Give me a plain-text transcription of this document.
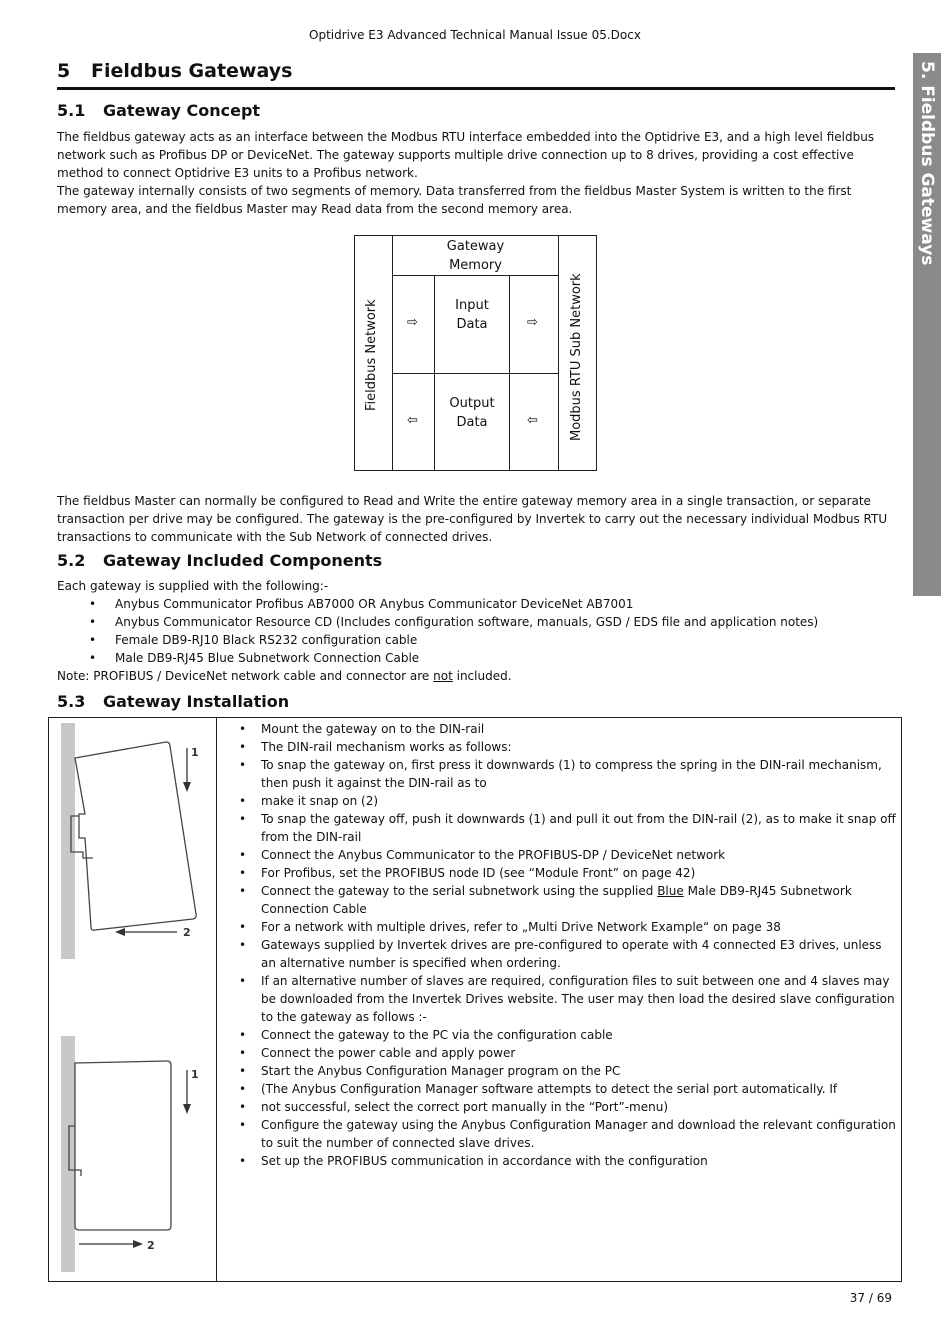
Optidrive E3 Advanced Technical Manual Issue 05.Docx
5. Fieldbus Gateways
5 Fieldbus Gateways
5.1 Gateway Concept

The fieldbus gateway acts as an interface between the Modbus RTU interface embedded into the Optidrive E3, and a high level fieldbus network such as Profibus DP or DeviceNet. The gateway supports multiple drive connection up to 8 drives, providing a cost effective method to connect Optidrive E3 units to a Profibus network.

The gateway internally consists of two segments of memory. Data transferred from the fieldbus Master System is written to the first memory area, and the fieldbus Master may Read data from the second memory area.

Gateway
Memory
Input
Data
Output
Data
⇨	⇨
⇦	⇦
Fieldbus Network	Modbus RTU Sub Network

The fieldbus Master can normally be configured to Read and Write the entire gateway memory area in a single transaction, or separate transaction per drive may be configured. The gateway is the pre-configured by Invertek to carry out the necessary individual Modbus RTU transactions to communicate with the Sub Network of connected drives.

5.2 Gateway Included Components

Each gateway is supplied with the following:-

• Anybus Communicator Profibus AB7000 OR Anybus Communicator DeviceNet AB7001
• Anybus Communicator Resource CD (Includes configuration software, manuals, GSD / EDS file and application notes)
• Female DB9-RJ10 Black RS232 configuration cable
• Male DB9-RJ45 Blue Subnetwork Connection Cable

Note: PROFIBUS / DeviceNet network cable and connector are not included.

5.3 Gateway Installation
1
2
1
2
• Mount the gateway on to the DIN-rail
• The DIN-rail mechanism works as follows:
• To snap the gateway on, first press it downwards (1) to compress the spring in the DIN-rail mechanism, then push it against the DIN-rail as to
• make it snap on (2)
• To snap the gateway off, push it downwards (1) and pull it out from the DIN-rail (2), as to make it snap off from the DIN-rail
• Connect the Anybus Communicator to the PROFIBUS-DP / DeviceNet network
• For Profibus, set the PROFIBUS node ID (see “Module Front” on page 42)
• Connect the gateway to the serial subnetwork using the supplied Blue Male DB9-RJ45 Subnetwork Connection Cable
• For a network with multiple drives, refer to „Multi Drive Network Example“ on page 38
• Gateways supplied by Invertek drives are pre-configured to operate with 4 connected E3 drives, unless an alternative number is specified when ordering.
• If an alternative number of slaves are required, configuration files to suit between one and 4 slaves may be downloaded from the Invertek Drives website. The user may then load the desired slave configuration to the gateway as follows :-
• Connect the gateway to the PC via the configuration cable
• Connect the power cable and apply power
• Start the Anybus Configuration Manager program on the PC
• (The Anybus Configuration Manager software attempts to detect the serial port automatically. If
• not successful, select the correct port manually in the “Port”-menu)
• Configure the gateway using the Anybus Configuration Manager and download the relevant configuration to suit the number of connected slave drives.
• Set up the PROFIBUS communication in accordance with the configuration
37 / 69
